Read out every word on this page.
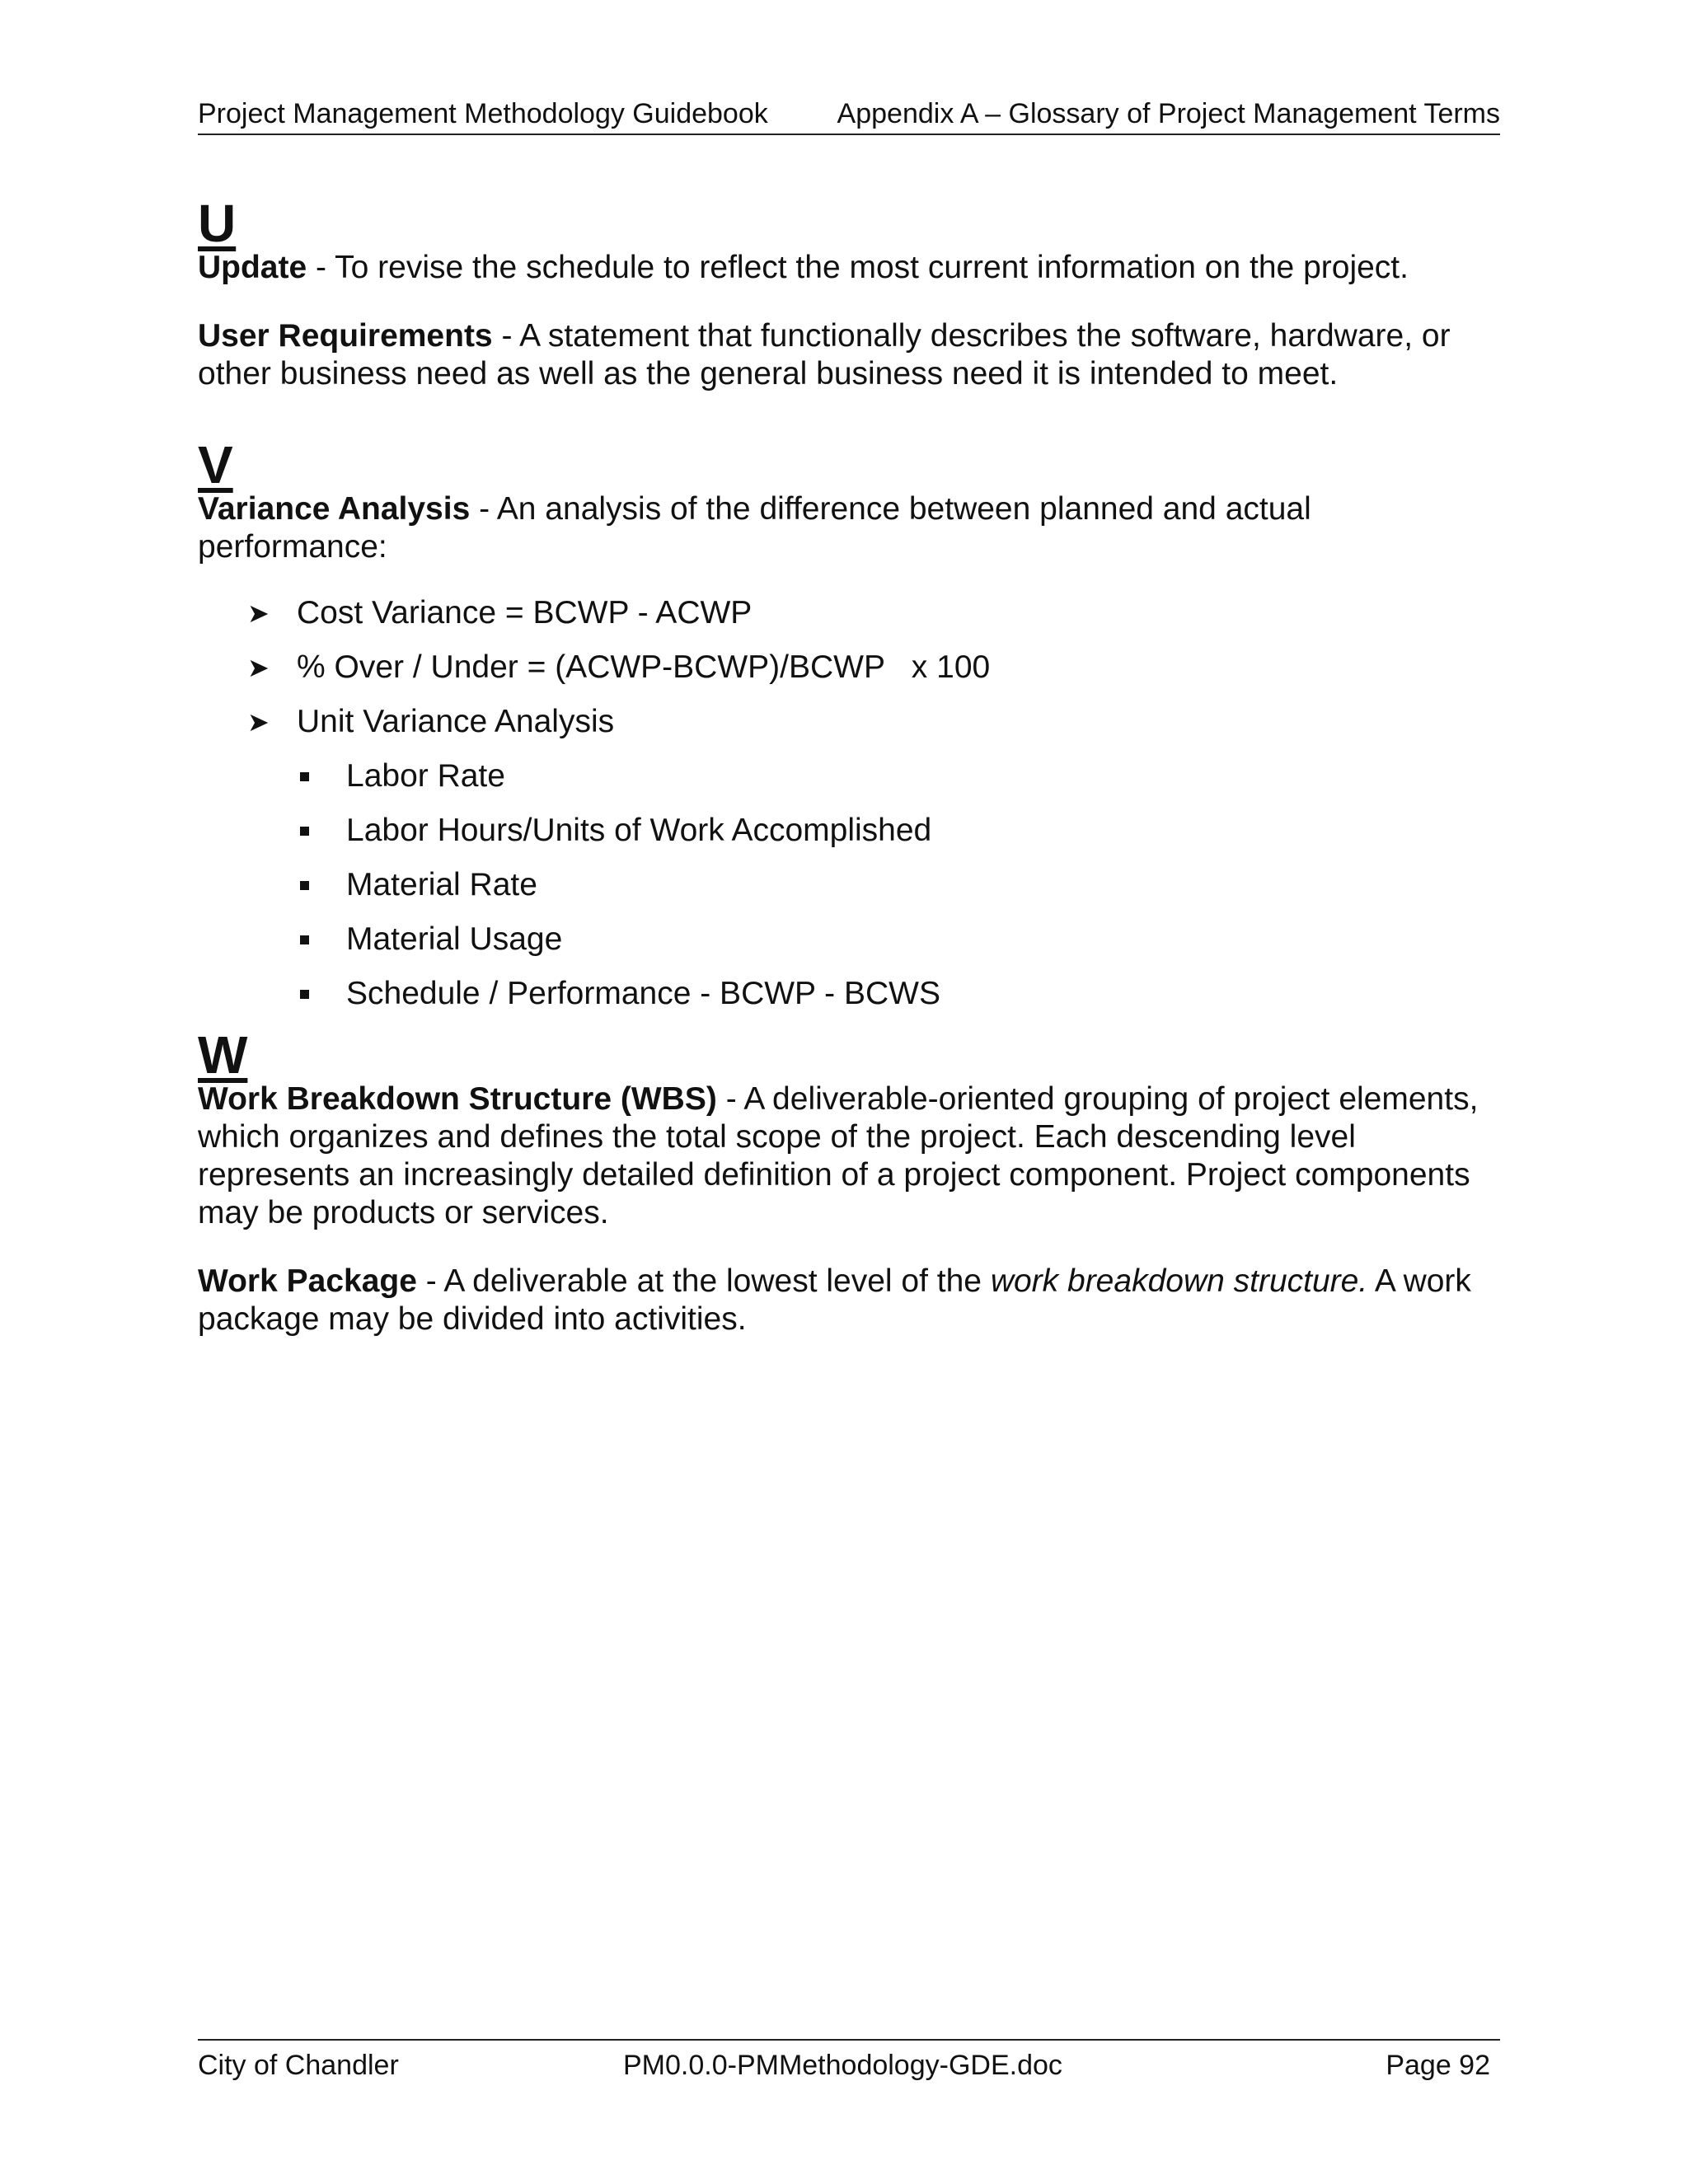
Project Management Methodology Guidebook Appendix A – Glossary of Project Management Terms

U

Update - To revise the schedule to reflect the most current information on the project.

User Requirements - A statement that functionally describes the software, hardware, or other business need as well as the general business need it is intended to meet.

V

Variance Analysis - An analysis of the difference between planned and actual performance:

➤ Cost Variance = BCWP - ACWP
➤ % Over / Under = (ACWP-BCWP)/BCWP   x 100
➤ Unit Variance Analysis
Labor Rate
Labor Hours/Units of Work Accomplished
Material Rate
Material Usage
Schedule / Performance - BCWP - BCWS

W

Work Breakdown Structure (WBS) - A deliverable-oriented grouping of project elements, which organizes and defines the total scope of the project. Each descending level represents an increasingly detailed definition of a project component. Project components may be products or services.

Work Package - A deliverable at the lowest level of the work breakdown structure. A work package may be divided into activities.

City of Chandler	PM0.0.0-PMMethodology-GDE.doc	Page 92
